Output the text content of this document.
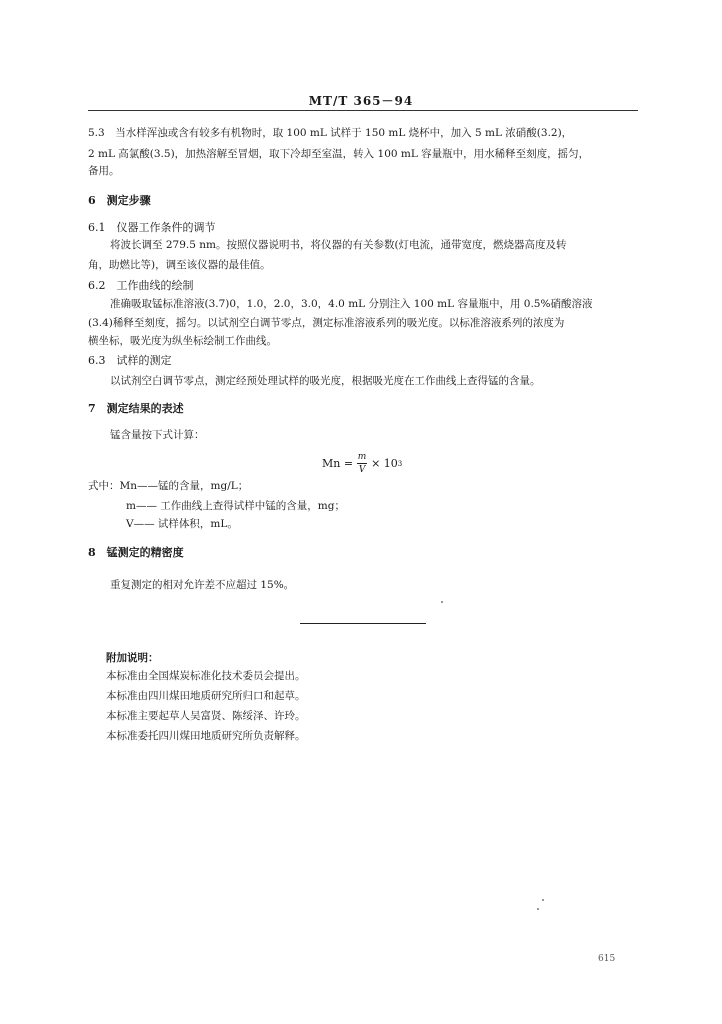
MT/T 365－94
5.3　当水样浑浊或含有较多有机物时，取 100 mL 试样于 150 mL 烧杯中，加入 5 mL 浓硝酸(3.2)，
2 mL 高氯酸(3.5)，加热溶解至冒烟，取下冷却至室温，转入 100 mL 容量瓶中，用水稀释至刻度，摇匀，
备用。
6　测定步骤
6.1　仪器工作条件的调节
将波长调至 279.5 nm。按照仪器说明书，将仪器的有关参数(灯电流，通带宽度，燃烧器高度及转
角，助燃比等)，调至该仪器的最佳值。
6.2　工作曲线的绘制
准确吸取锰标准溶液(3.7)0，1.0，2.0，3.0，4.0 mL 分别注入 100 mL 容量瓶中，用 0.5%硝酸溶液
(3.4)稀释至刻度，摇匀。以试剂空白调节零点，测定标准溶液系列的吸光度。以标准溶液系列的浓度为
横坐标，吸光度为纵坐标绘制工作曲线。
6.3　试样的测定
以试剂空白调节零点，测定经预处理试样的吸光度，根据吸光度在工作曲线上查得锰的含量。
7　测定结果的表述
锰含量按下式计算：
$Mn = \frac{m}{V} \times 10$ 3
式中：Mn——锰的含量，mg/L；
m—— 工作曲线上查得试样中锰的含量，mg；
V—— 试样体积，mL。
8　锰测定的精密度
重复测定的相对允许差不应超过 15%。
附加说明：
本标准由全国煤炭标准化技术委员会提出。
本标准由四川煤田地质研究所归口和起草。
本标准主要起草人吴富贤、陈绥泽、许玲。
本标准委托四川煤田地质研究所负责解释。
615
